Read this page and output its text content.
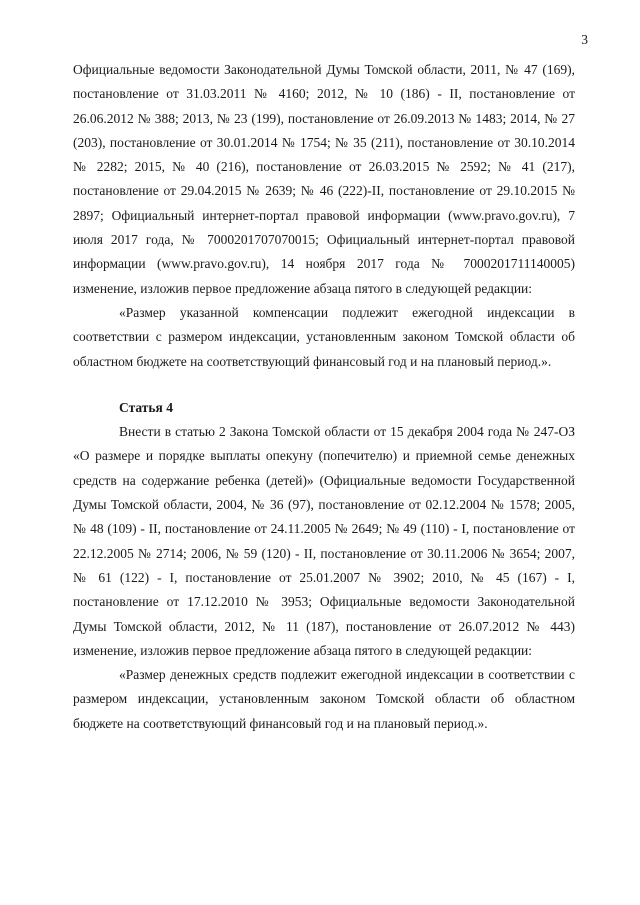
3

Официальные ведомости Законодательной Думы Томской области, 2011, № 47 (169), постановление от 31.03.2011 № 4160; 2012, № 10 (186) - II, постановление от 26.06.2012 № 388; 2013, № 23 (199), постановление от 26.09.2013 № 1483; 2014, № 27 (203), постановление от 30.01.2014 № 1754; № 35 (211), постановление от 30.10.2014 № 2282; 2015, № 40 (216), постановление от 26.03.2015 № 2592; № 41 (217), постановление от 29.04.2015 № 2639; № 46 (222)-II, постановление от 29.10.2015 № 2897; Официальный интернет-портал правовой информации (www.pravo.gov.ru), 7 июля 2017 года, № 7000201707070015; Официальный интернет-портал правовой информации (www.pravo.gov.ru), 14 ноября 2017 года № 7000201711140005) изменение, изложив первое предложение абзаца пятого в следующей редакции:

«Размер указанной компенсации подлежит ежегодной индексации в соответствии с размером индексации, установленным законом Томской области об областном бюджете на соответствующий финансовый год и на плановый период.».

Статья 4

Внести в статью 2 Закона Томской области от 15 декабря 2004 года № 247-ОЗ «О размере и порядке выплаты опекуну (попечителю) и приемной семье денежных средств на содержание ребенка (детей)» (Официальные ведомости Государственной Думы Томской области, 2004, № 36 (97), постановление от 02.12.2004 № 1578; 2005, № 48 (109) - II, постановление от 24.11.2005 № 2649; № 49 (110) - I, постановление от 22.12.2005 № 2714; 2006, № 59 (120) - II, постановление от 30.11.2006 № 3654; 2007, № 61 (122) - I, постановление от 25.01.2007 № 3902; 2010, № 45 (167) - I, постановление от 17.12.2010 № 3953; Официальные ведомости Законодательной Думы Томской области, 2012, № 11 (187), постановление от 26.07.2012 № 443) изменение, изложив первое предложение абзаца пятого в следующей редакции:

«Размер денежных средств подлежит ежегодной индексации в соответствии с размером индексации, установленным законом Томской области об областном бюджете на соответствующий финансовый год и на плановый период.».
